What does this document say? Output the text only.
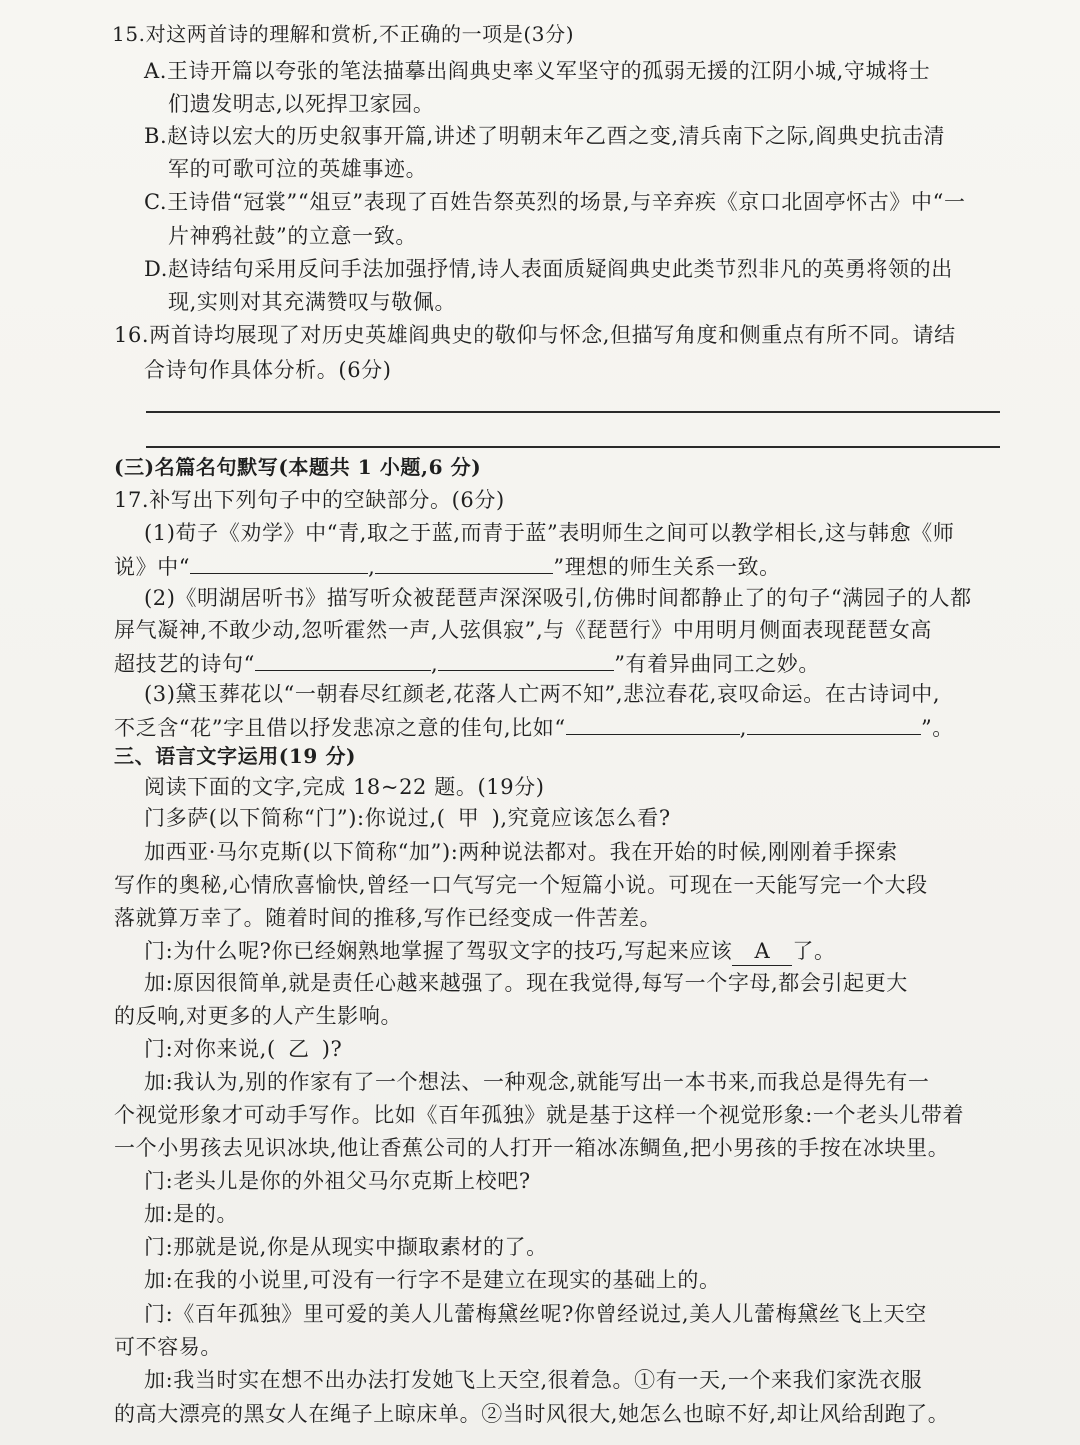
15.对这两首诗的理解和赏析,不正确的一项是(3分)
A.王诗开篇以夸张的笔法描摹出阎典史率义军坚守的孤弱无援的江阴小城,守城将士
们遗发明志,以死捍卫家园。
B.赵诗以宏大的历史叙事开篇,讲述了明朝末年乙酉之变,清兵南下之际,阎典史抗击清
军的可歌可泣的英雄事迹。
C.王诗借“冠裳”“俎豆”表现了百姓告祭英烈的场景,与辛弃疾《京口北固亭怀古》中“一
片神鸦社鼓”的立意一致。
D.赵诗结句采用反问手法加强抒情,诗人表面质疑阎典史此类节烈非凡的英勇将领的出
现,实则对其充满赞叹与敬佩。
16.两首诗均展现了对历史英雄阎典史的敬仰与怀念,但描写角度和侧重点有所不同。请结
合诗句作具体分析。(6分)
(三)名篇名句默写(本题共 1 小题,6 分)
17.补写出下列句子中的空缺部分。(6分)
(1)荀子《劝学》中“青,取之于蓝,而青于蓝”表明师生之间可以教学相长,这与韩愈《师
说》中“	,	”理想的师生关系一致。
(2)《明湖居听书》描写听众被琵琶声深深吸引,仿佛时间都静止了的句子“满园子的人都
屏气凝神,不敢少动,忽听霍然一声,人弦俱寂”,与《琵琶行》中用明月侧面表现琵琶女高
超技艺的诗句“	,	”有着异曲同工之妙。
(3)黛玉葬花以“一朝春尽红颜老,花落人亡两不知”,悲泣春花,哀叹命运。在古诗词中,
不乏含“花”字且借以抒发悲凉之意的佳句,比如“	,	”。
三、语言文字运用(19 分)
阅读下面的文字,完成 18~22 题。(19分)
门多萨(以下简称“门”):你说过,( 甲 ),究竟应该怎么看?
加西亚·马尔克斯(以下简称“加”):两种说法都对。我在开始的时候,刚刚着手探索
写作的奥秘,心情欣喜愉快,曾经一口气写完一个短篇小说。可现在一天能写完一个大段
落就算万幸了。随着时间的推移,写作已经变成一件苦差。
门:为什么呢?你已经娴熟地掌握了驾驭文字的技巧,写起来应该 A 了。
加:原因很简单,就是责任心越来越强了。现在我觉得,每写一个字母,都会引起更大
的反响,对更多的人产生影响。
门:对你来说,( 乙 )?
加:我认为,别的作家有了一个想法、一种观念,就能写出一本书来,而我总是得先有一
个视觉形象才可动手写作。比如《百年孤独》就是基于这样一个视觉形象:一个老头儿带着
一个小男孩去见识冰块,他让香蕉公司的人打开一箱冰冻鲷鱼,把小男孩的手按在冰块里。
门:老头儿是你的外祖父马尔克斯上校吧?
加:是的。
门:那就是说,你是从现实中撷取素材的了。
加:在我的小说里,可没有一行字不是建立在现实的基础上的。
门:《百年孤独》里可爱的美人儿蕾梅黛丝呢?你曾经说过,美人儿蕾梅黛丝飞上天空
可不容易。
加:我当时实在想不出办法打发她飞上天空,很着急。①有一天,一个来我们家洗衣服
的高大漂亮的黑女人在绳子上晾床单。②当时风很大,她怎么也晾不好,却让风给刮跑了。
